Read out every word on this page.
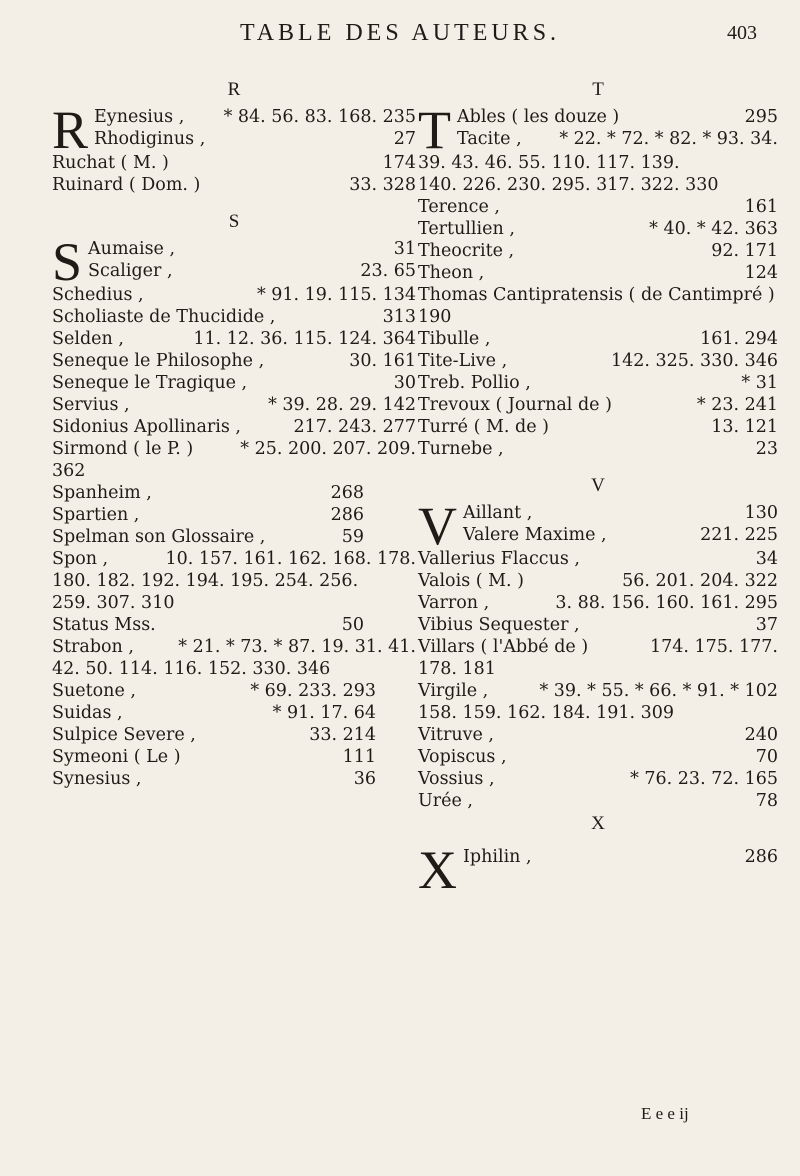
TABLE DES AUTEURS.	403
R
R Eynesius , * 84. 56. 83. 168. 235
Rhodiginus ,	27
Ruchat ( M. )	174
Ruinard ( Dom. )	33. 328
S
S Aumaise ,	31
Scaliger ,	23. 65
Schedius ,	* 91. 19. 115. 134
Scholiaste de Thucidide ,	313
Selden ,	11. 12. 36. 115. 124. 364
Seneque le Philosophe ,	30. 161
Seneque le Tragique ,	30
Servius ,	* 39. 28. 29. 142
Sidonius Apollinaris ,	217. 243. 277
Sirmond ( le P. )	* 25. 200. 207. 209.
362
Spanheim ,	268
Spartien ,	286
Spelman son Glossaire ,	59
Spon ,	10. 157. 161. 162. 168. 178.
180. 182. 192. 194. 195. 254. 256.
259. 307. 310
Status Mss.	50
Strabon ,	* 21. * 73. * 87. 19. 31. 41.
42. 50. 114. 116. 152. 330. 346
Suetone ,	* 69. 233. 293
Suidas ,	* 91. 17. 64
Sulpice Severe ,	33. 214
Symeoni ( Le )	111
Synesius ,	36
T
T Ables ( les douze )	295
Tacite , * 22. * 72. * 82. * 93. 34.
39. 43. 46. 55. 110. 117. 139.
140. 226. 230. 295. 317. 322. 330
Terence ,	161
Tertullien ,	* 40. * 42. 363
Theocrite ,	92. 171
Theon ,	124
Thomas Cantipratensis ( de Cantimpré )
190
Tibulle ,	161. 294
Tite-Live ,	142. 325. 330. 346
Treb. Pollio ,	* 31
Trevoux ( Journal de )	* 23. 241
Turré ( M. de )	13. 121
Turnebe ,	23
V
V Aillant ,	130
Valere Maxime ,	221. 225
Vallerius Flaccus ,	34
Valois ( M. )	56. 201. 204. 322
Varron ,	3. 88. 156. 160. 161. 295
Vibius Sequester ,	37
Villars ( l'Abbé de )	174. 175. 177.
178. 181
Virgile ,	* 39. * 55. * 66. * 91. * 102
158. 159. 162. 184. 191. 309
Vitruve ,	240
Vopiscus ,	70
Vossius ,	* 76. 23. 72. 165
Urée ,	78
X
X Iphilin ,	286
E e e ij
